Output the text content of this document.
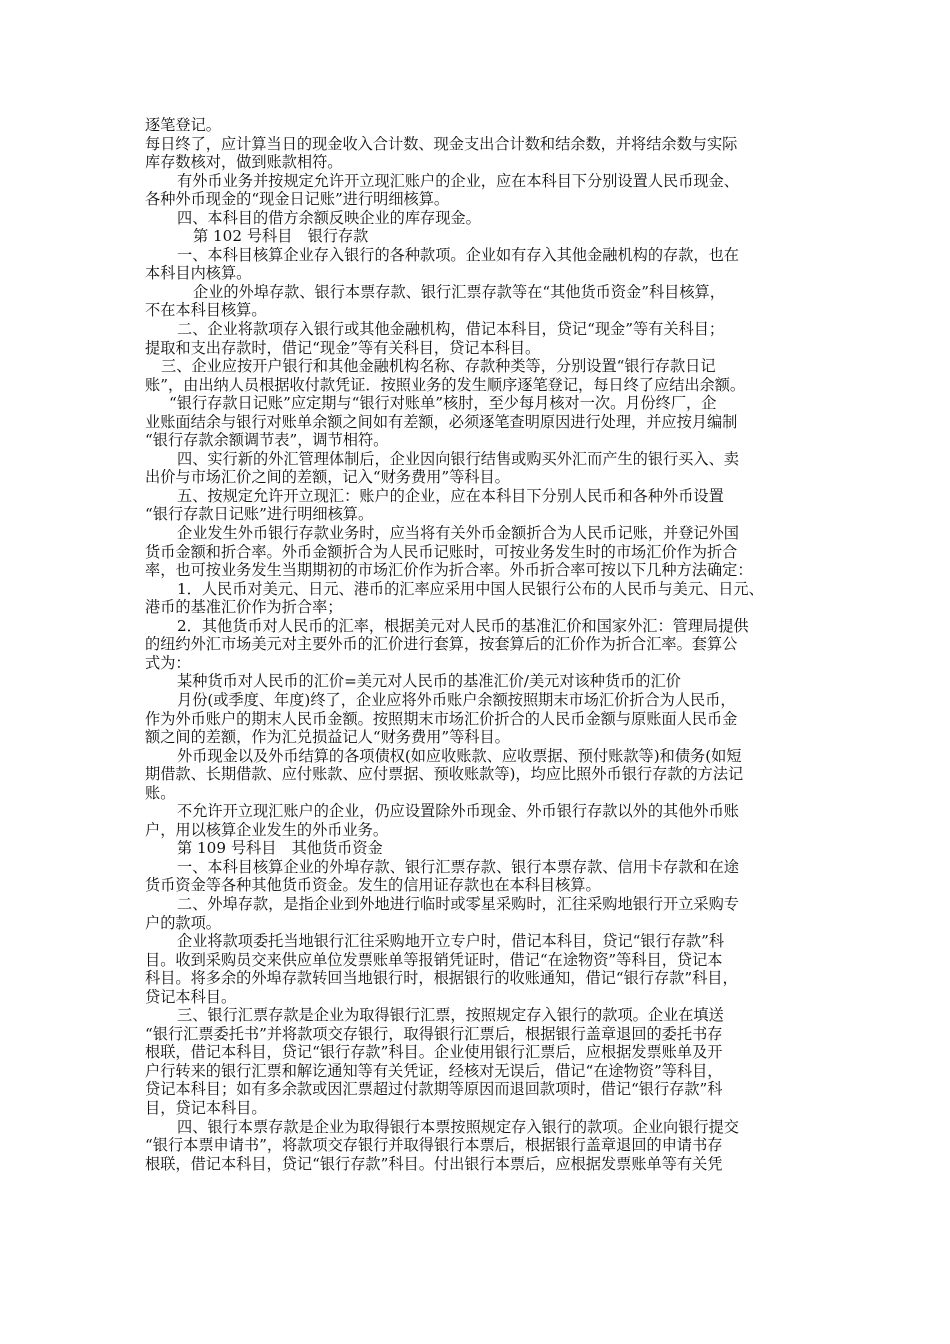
逐笔登记。
每日终了，应计算当日的现金收入合计数、现金支出合计数和结余数，并将结余数与实际
库存数核对，做到账款相符。
有外币业务并按规定允许开立现汇账户的企业，应在本科目下分别设置人民币现金、
各种外币现金的“现金日记账”进行明细核算。
四、本科目的借方余额反映企业的库存现金。
第 102 号科目　银行存款
一、本科目核算企业存入银行的各种款项。企业如有存入其他金融机构的存款，也在
本科目内核算。
企业的外埠存款、银行本票存款、银行汇票存款等在“其他货币资金”科目核算，
不在本科目核算。
二、企业将款项存入银行或其他金融机构，借记本科目，贷记“现金”等有关科目；
提取和支出存款时，借记“现金”等有关科目，贷记本科目。
三、企业应按开户银行和其他金融机构名称、存款种类等，分别设置“银行存款日记
账”，由出纳人员根据收付款凭证．按照业务的发生顺序逐笔登记，每日终了应结出余额。
“银行存款日记账”应定期与“银行对账单”核肘，至少每月核对一次。月份终厂，企
业账面结余与银行对账单余额之间如有差额，必须逐笔查明原因进行处理，并应按月编制
“银行存款余额调节表”，调节相符。
四、实行新的外汇管理体制后，企业因向银行结售或购买外汇而产生的银行买入、卖
出价与市场汇价之间的差额，记入“财务费用”等科目。
五、按规定允许开立现汇：账户的企业，应在本科目下分别人民币和各种外币设置
“银行存款日记账”进行明细核算。
企业发生外币银行存款业务时，应当将有关外币金额折合为人民币记账，并登记外国
货币金额和折合率。外币金额折合为人民币记账时，可按业务发生时的市场汇价作为折合
率，也可按业务发生当期期初的市场汇价作为折合率。外币折合率可按以下几种方法确定：
1．人民币对美元、日元、港币的汇率应采用中国人民银行公布的人民币与美元、日元、
港币的基准汇价作为折合率；
2．其他货币对人民币的汇率，根据美元对人民币的基准汇价和国家外汇：管理局提供
的纽约外汇市场美元对主要外币的汇价进行套算，按套算后的汇价作为折合汇率。套算公
式为：
某种货币对人民币的汇价=美元对人民币的基准汇价/美元对该种货币的汇价
月份(或季度、年度)终了，企业应将外币账户余额按照期末市场汇价折合为人民币，
作为外币账户的期末人民币金额。按照期末市场汇价折合的人民币金额与原账面人民币金
额之间的差额，作为汇兑损益记人“财务费用”等科目。
外币现金以及外币结算的各项债权(如应收账款、应收票据、预付账款等)和债务(如短
期借款、长期借款、应付账款、应付票据、预收账款等)，均应比照外币银行存款的方法记
账。
不允许开立现汇账户的企业，仍应设置除外币现金、外币银行存款以外的其他外币账
户，用以核算企业发生的外币业务。
第 109 号科目　其他货币资金
一、本科目核算企业的外埠存款、银行汇票存款、银行本票存款、信用卡存款和在途
货币资金等各种其他货币资金。发生的信用证存款也在本科目核算。
二、外埠存款，是指企业到外地进行临时或零星采购时，汇往采购地银行开立采购专
户的款项。
企业将款项委托当地银行汇往采购地开立专户时，借记本科目，贷记“银行存款”科
目。收到采购员交来供应单位发票账单等报销凭证时，借记“在途物资”等科目，贷记本
科目。将多余的外埠存款转回当地银行时，根据银行的收账通知，借记“银行存款”科目，
贷记本科目。
三、银行汇票存款是企业为取得银行汇票，按照规定存入银行的款项。企业在填送
“银行汇票委托书”并将款项交存银行，取得银行汇票后，根据银行盖章退回的委托书存
根联，借记本科目，贷记“银行存款”科目。企业使用银行汇票后，应根据发票账单及开
户行转来的银行汇票和解讫通知等有关凭证，经核对无误后，借记“在途物资”等科目，
贷记本科目；如有多余款或因汇票超过付款期等原因而退回款项时，借记“银行存款”科
目，贷记本科目。
四、银行本票存款是企业为取得银行本票按照规定存入银行的款项。企业向银行提交
“银行本票申请书”，将款项交存银行并取得银行本票后，根据银行盖章退回的申请书存
根联，借记本科目，贷记“银行存款”科目。付出银行本票后，应根据发票账单等有关凭
